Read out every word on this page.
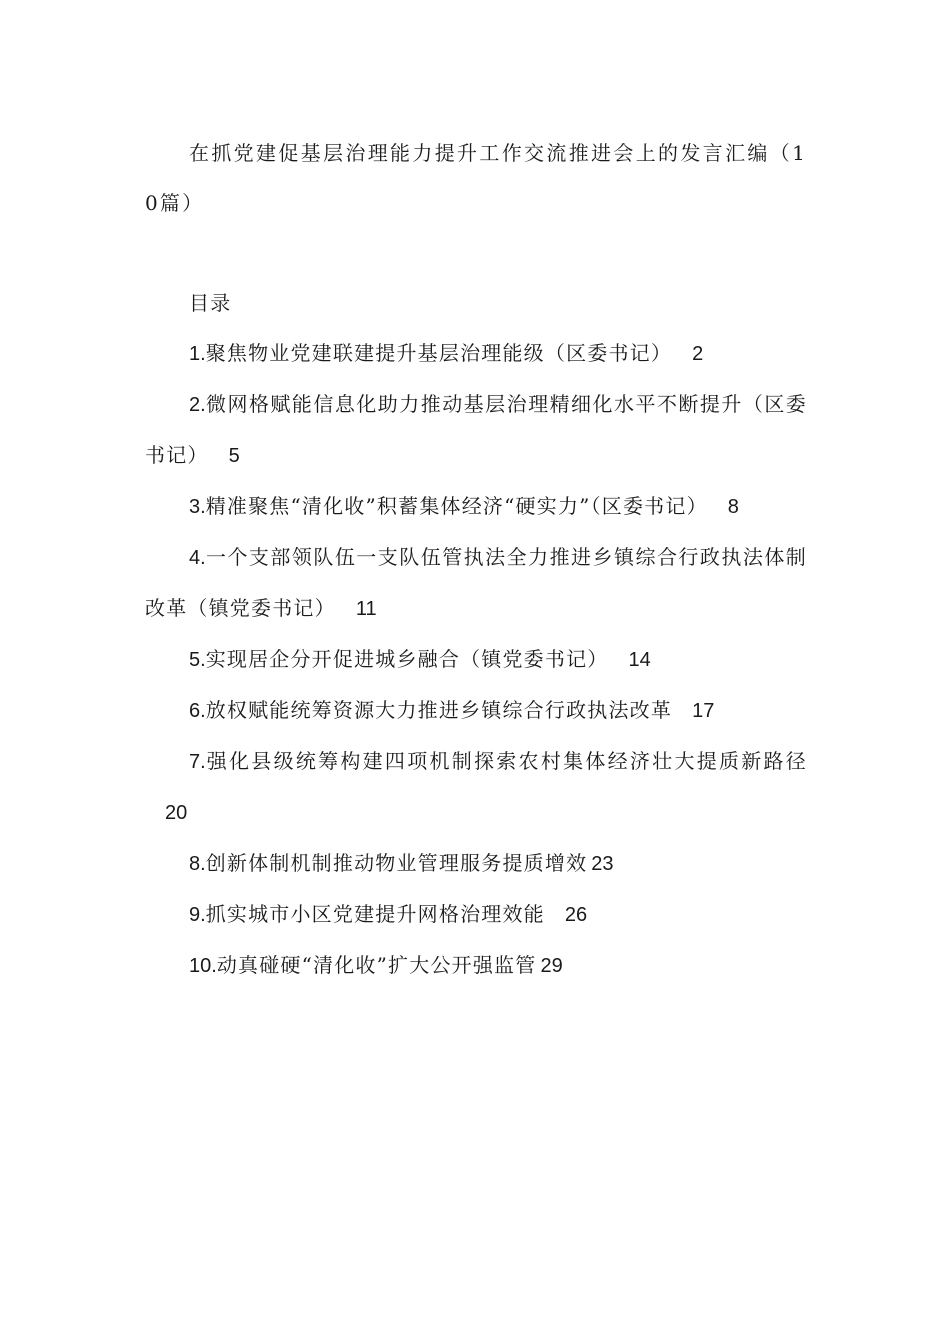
在抓党建促基层治理能力提升工作交流推进会上的发言汇编（10篇）

目录

1.聚焦物业党建联建提升基层治理能级（区委书记） 2

2.微网格赋能信息化助力推动基层治理精细化水平不断提升（区委书记） 5

3.精准聚焦“清化收”积蓄集体经济“硬实力”（区委书记） 8

4.一个支部领队伍一支队伍管执法全力推进乡镇综合行政执法体制改革（镇党委书记） 11

5.实现居企分开促进城乡融合（镇党委书记） 14

6.放权赋能统筹资源大力推进乡镇综合行政执法改革 17

7.强化县级统筹构建四项机制探索农村集体经济壮大提质新路径20

8.创新体制机制推动物业管理服务提质增效 23

9.抓实城市小区党建提升网格治理效能 26

10.动真碰硬“清化收”扩大公开强监管 29
